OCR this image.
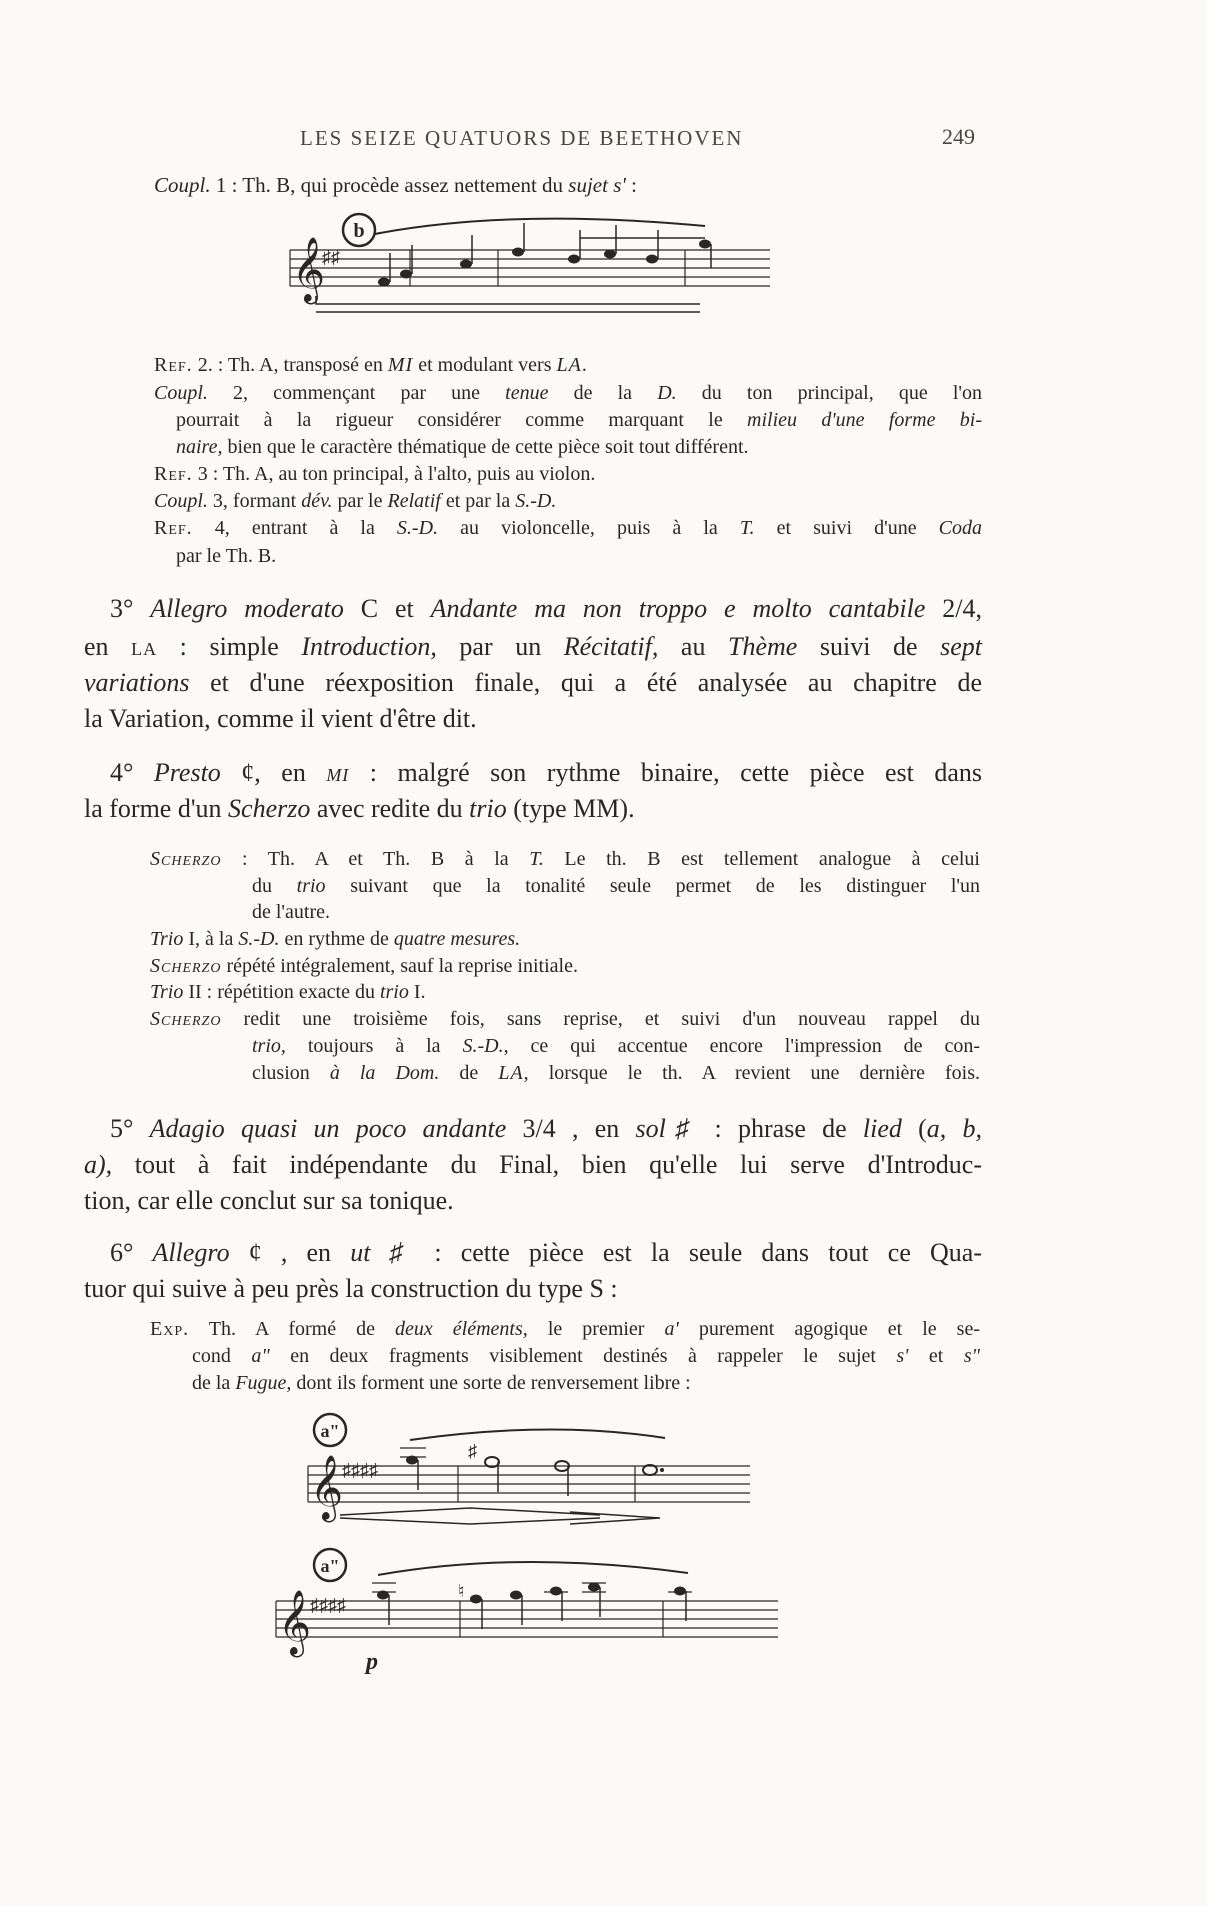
LES SEIZE QUATUORS DE BEETHOVEN	249
Coupl. 1 : Th. B, qui procède assez nettement du sujet s' :
b
𝄞
♯♯
Ref. 2. : Th. A, transposé en MI et modulant vers LA.
Coupl. 2, commençant par une tenue de la D. du ton principal, que l'on
pourrait à la rigueur considérer comme marquant le milieu d'une forme bi-
naire, bien que le caractère thématique de cette pièce soit tout différent.
Ref. 3 : Th. A, au ton principal, à l'alto, puis au violon.
Coupl. 3, formant dév. par le Relatif et par la S.-D.
Ref. 4, entrant à la S.-D. au violoncelle, puis à la T. et suivi d'une Coda
par le Th. B.
3° Allegro moderato C et Andante ma non troppo e molto cantabile 2/4,
en la : simple Introduction, par un Récitatif, au Thème suivi de sept
variations et d'une réexposition finale, qui a été analysée au chapitre de
la Variation, comme il vient d'être dit.
4° Presto ¢, en mi : malgré son rythme binaire, cette pièce est dans
la forme d'un Scherzo avec redite du trio (type MM).
Scherzo : Th. A et Th. B à la T. Le th. B est tellement analogue à celui
du trio suivant que la tonalité seule permet de les distinguer l'un
de l'autre.
Trio I, à la S.-D. en rythme de quatre mesures.
Scherzo répété intégralement, sauf la reprise initiale.
Trio II : répétition exacte du trio I.
Scherzo redit une troisième fois, sans reprise, et suivi d'un nouveau rappel du
trio, toujours à la S.-D., ce qui accentue encore l'impression de con-
clusion à la Dom. de LA, lorsque le th. A revient une dernière fois.
5° Adagio quasi un poco andante 3/4 , en sol♯ : phrase de lied (a, b,
a), tout à fait indépendante du Final, bien qu'elle lui serve d'Introduc-
tion, car elle conclut sur sa tonique.
6° Allegro ¢ , en ut ♯ : cette pièce est la seule dans tout ce Qua-
tuor qui suive à peu près la construction du type S :
Exp. Th. A formé de deux éléments, le premier a' purement agogique et le se-
cond a" en deux fragments visiblement destinés à rappeler le sujet s' et s"
de la Fugue, dont ils forment une sorte de renversement libre :
a"
𝄞
♯♯♯♯
♯
a"
𝄞
♯♯♯♯
♮
p
